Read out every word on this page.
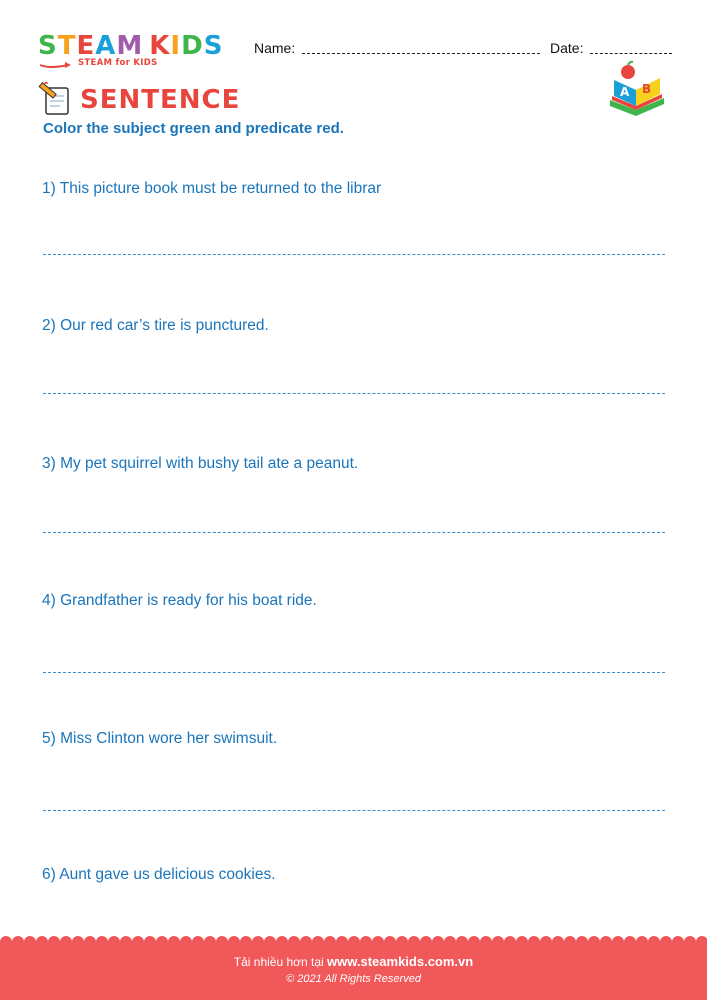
STEAM KIDS
STEAM for KIDS
Name:	Date:
SENTENCE	A B
Color the subject green and predicate red.
1) This picture book must be returned to the librar
2) Our red car’s tire is punctured.
3) My pet squirrel with bushy tail ate a peanut.
4) Grandfather is ready for his boat ride.
5) Miss Clinton wore her swimsuit.
6) Aunt gave us delicious cookies.
Tải nhiều hơn tại www.steamkids.com.vn
© 2021 All Rights Reserved
